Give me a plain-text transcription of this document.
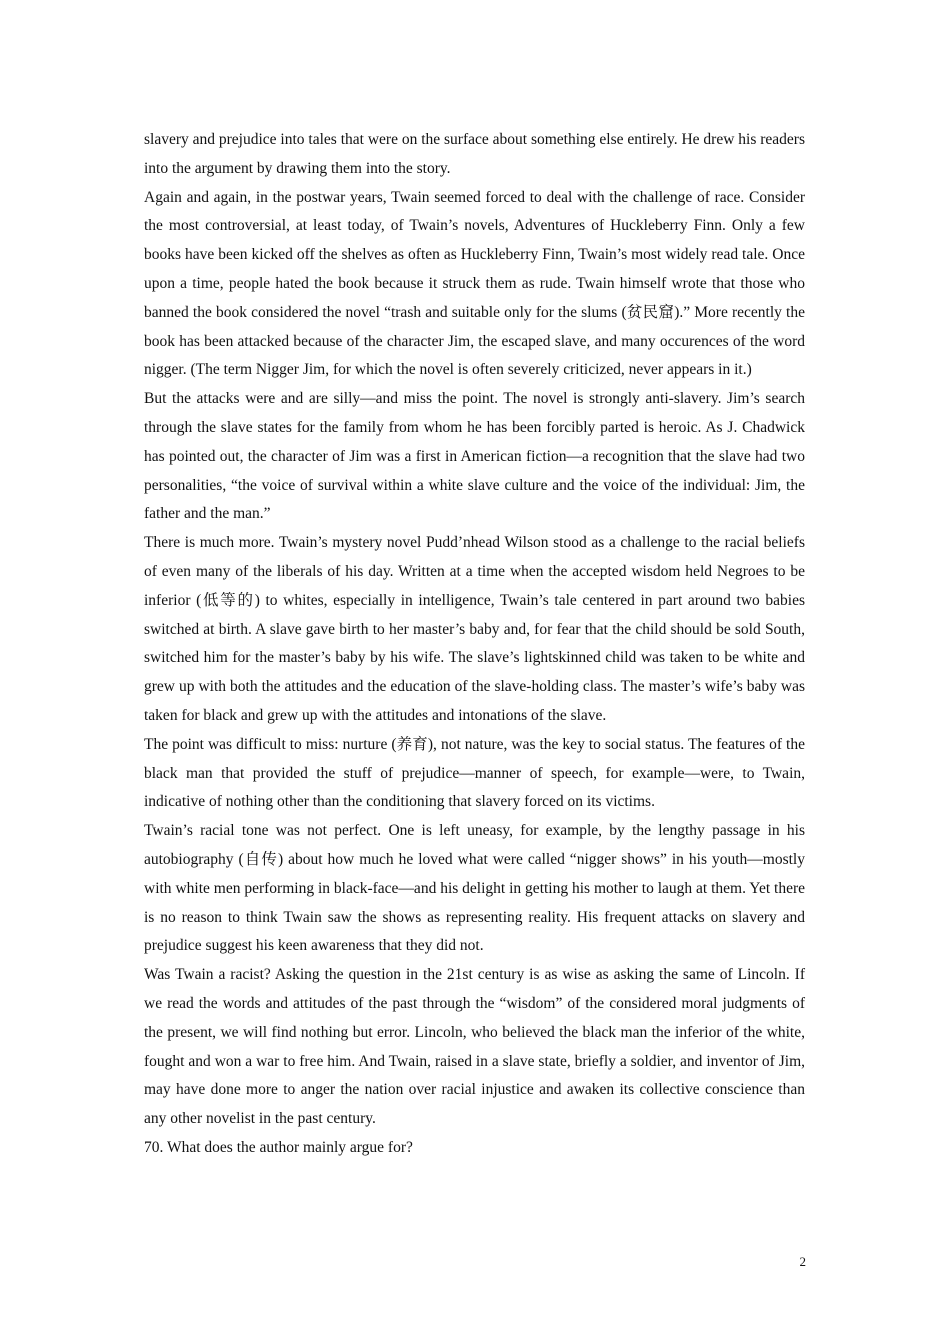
slavery and prejudice into tales that were on the surface about something else entirely. He drew his readers into the argument by drawing them into the story.

Again and again, in the postwar years, Twain seemed forced to deal with the challenge of race. Consider the most controversial, at least today, of Twain’s novels, Adventures of Huckleberry Finn. Only a few books have been kicked off the shelves as often as Huckleberry Finn, Twain’s most widely read tale. Once upon a time, people hated the book because it struck them as rude. Twain himself wrote that those who banned the book considered the novel “trash and suitable only for the slums (贫民窟).” More recently the book has been attacked because of the character Jim, the escaped slave, and many occurences of the word nigger. (The term Nigger Jim, for which the novel is often severely criticized, never appears in it.)

But the attacks were and are silly—and miss the point. The novel is strongly anti-slavery. Jim’s search through the slave states for the family from whom he has been forcibly parted is heroic. As J. Chadwick has pointed out, the character of Jim was a first in American fiction—a recognition that the slave had two personalities, “the voice of survival within a white slave culture and the voice of the individual: Jim, the father and the man.”

There is much more. Twain’s mystery novel Pudd’nhead Wilson stood as a challenge to the racial beliefs of even many of the liberals of his day. Written at a time when the accepted wisdom held Negroes to be inferior (低等的) to whites, especially in intelligence, Twain’s tale centered in part around two babies switched at birth. A slave gave birth to her master’s baby and, for fear that the child should be sold South, switched him for the master’s baby by his wife. The slave’s lightskinned child was taken to be white and grew up with both the attitudes and the education of the slave-holding class. The master’s wife’s baby was taken for black and grew up with the attitudes and intonations of the slave.

The point was difficult to miss: nurture (养育), not nature, was the key to social status. The features of the black man that provided the stuff of prejudice—manner of speech, for example—were, to Twain, indicative of nothing other than the conditioning that slavery forced on its victims.

Twain’s racial tone was not perfect. One is left uneasy, for example, by the lengthy passage in his autobiography (自传) about how much he loved what were called “nigger shows” in his youth—mostly with white men performing in black-face—and his delight in getting his mother to laugh at them. Yet there is no reason to think Twain saw the shows as representing reality. His frequent attacks on slavery and prejudice suggest his keen awareness that they did not.

Was Twain a racist? Asking the question in the 21st century is as wise as asking the same of Lincoln. If we read the words and attitudes of the past through the “wisdom” of the considered moral judgments of the present, we will find nothing but error. Lincoln, who believed the black man the inferior of the white, fought and won a war to free him. And Twain, raised in a slave state, briefly a soldier, and inventor of Jim, may have done more to anger the nation over racial injustice and awaken its collective conscience than any other novelist in the past century.

70. What does the author mainly argue for?

2
